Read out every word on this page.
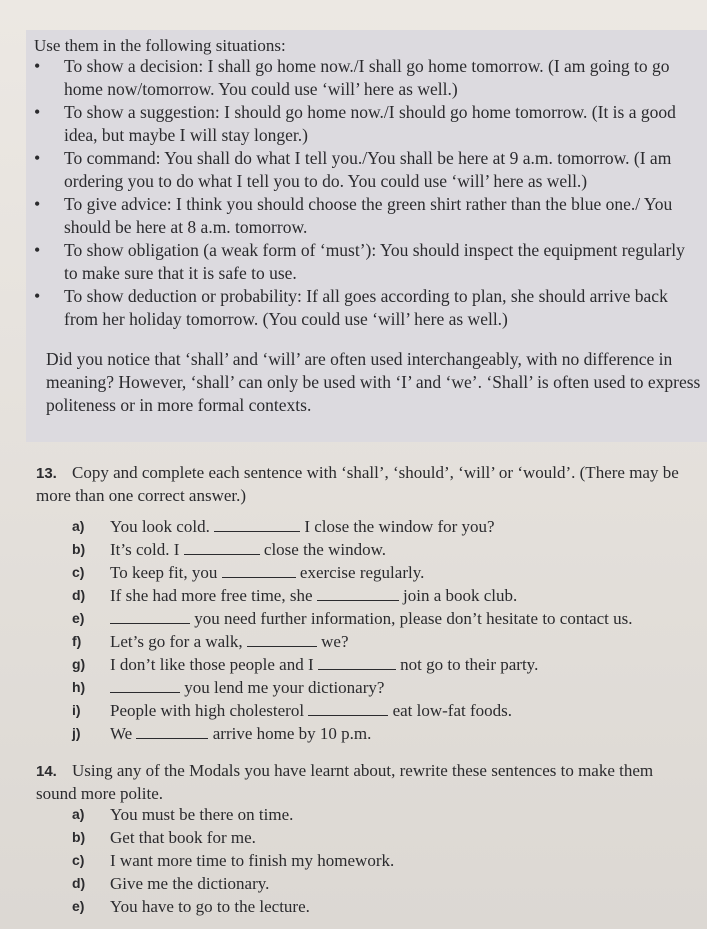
Use them in the following situations:
• To show a decision: I shall go home now./I shall go home tomorrow. (I am going to go home now/tomorrow. You could use ‘will’ here as well.)
• To show a suggestion: I should go home now./I should go home tomorrow. (It is a good idea, but maybe I will stay longer.)
• To command: You shall do what I tell you./You shall be here at 9 a.m. tomorrow. (I am ordering you to do what I tell you to do. You could use ‘will’ here as well.)
• To give advice: I think you should choose the green shirt rather than the blue one./ You should be here at 8 a.m. tomorrow.
• To show obligation (a weak form of ‘must’): You should inspect the equipment regularly to make sure that it is safe to use.
• To show deduction or probability: If all goes according to plan, she should arrive back from her holiday tomorrow. (You could use ‘will’ here as well.)
Did you notice that ‘shall’ and ‘will’ are often used interchangeably, with no difference in meaning? However, ‘shall’ can only be used with ‘I’ and ‘we’. ‘Shall’ is often used to express politeness or in more formal contexts.
13. Copy and complete each sentence with ‘shall’, ‘should’, ‘will’ or ‘would’. (There may be more than one correct answer.)
a) You look cold.	I close the window for you?
b) It’s cold. I	close the window.
c) To keep fit, you	exercise regularly.
d) If she had more free time, she	join a book club.
e)	you need further information, please don’t hesitate to contact us.
f) Let’s go for a walk,	we?
g) I don’t like those people and I	not go to their party.
h)	you lend me your dictionary?
i) People with high cholesterol	eat low-fat foods.
j) We	arrive home by 10 p.m.
14. Using any of the Modals you have learnt about, rewrite these sentences to make them sound more polite.
a) You must be there on time.
b) Get that book for me.
c) I want more time to finish my homework.
d) Give me the dictionary.
e) You have to go to the lecture.
